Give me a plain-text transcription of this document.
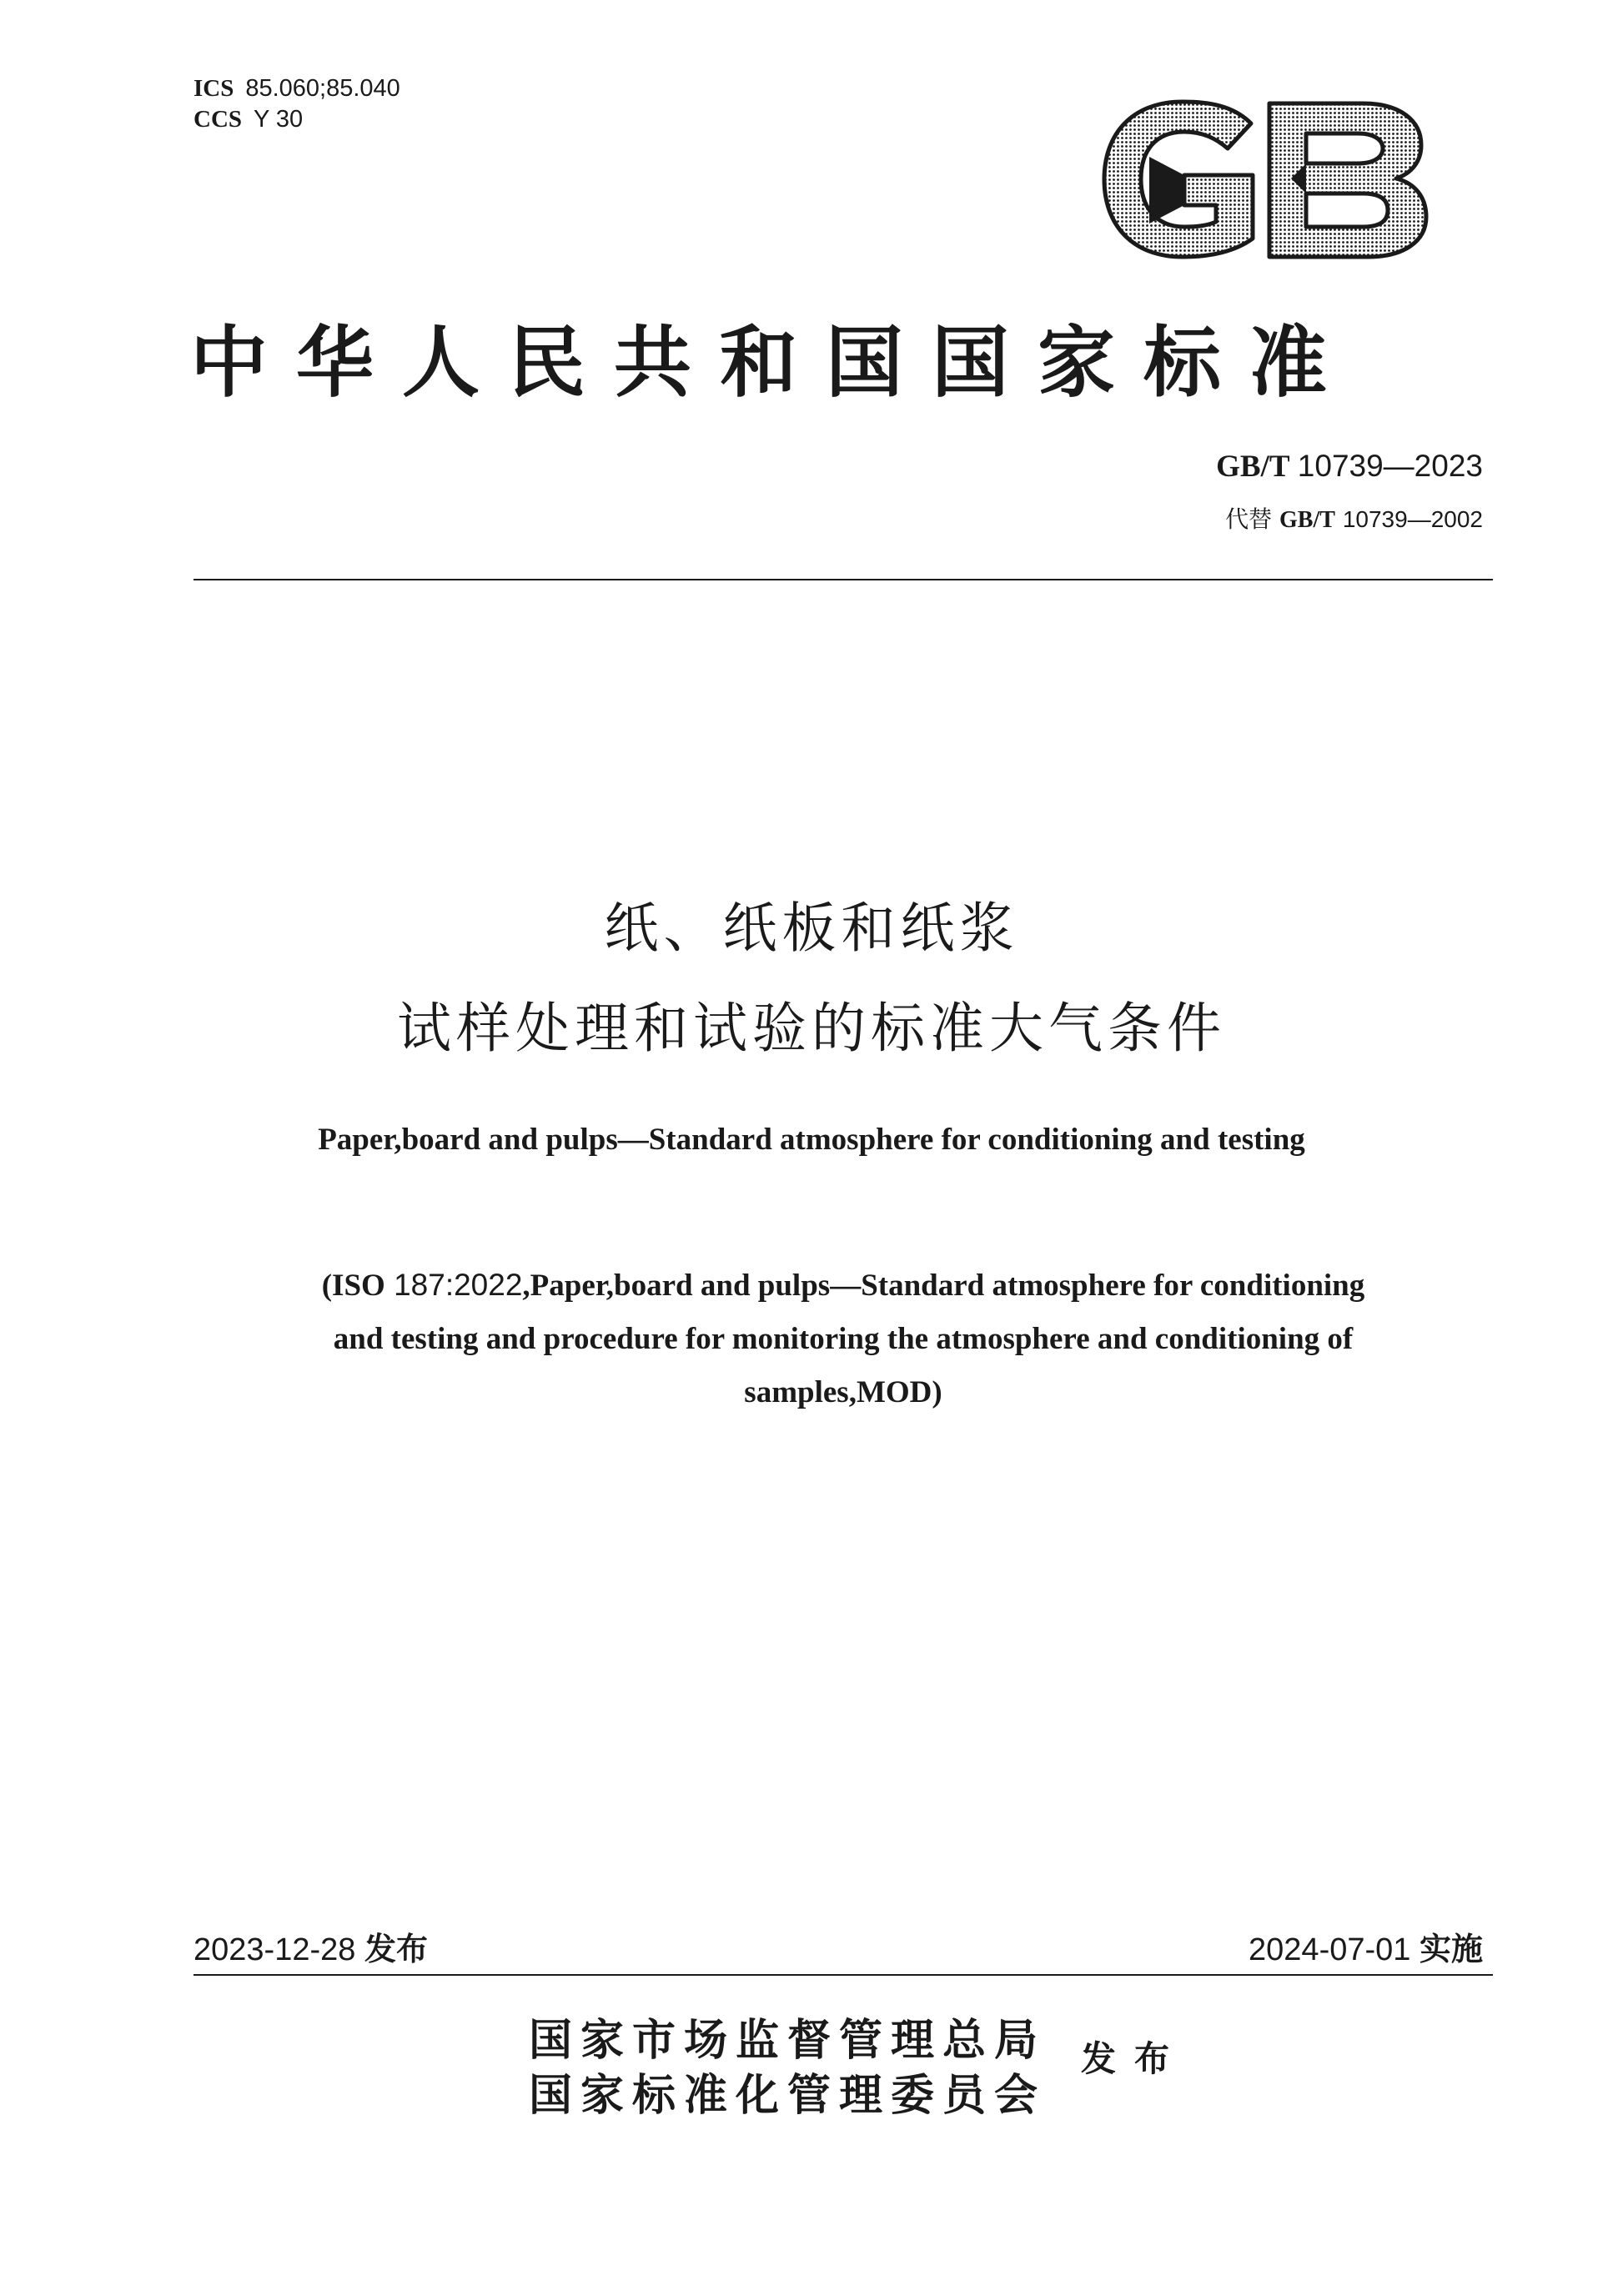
ICS 85.060;85.040
CCS Y 30
中华人民共和国国家标准
GB/T 10739—2023
代替 GB/T 10739—2002
纸、纸板和纸浆
试样处理和试验的标准大气条件
Paper,board and pulps—Standard atmosphere for conditioning and testing
(ISO 187:2022,Paper,board and pulps—Standard atmosphere for conditioning
and testing and procedure for monitoring the atmosphere and conditioning of
samples,MOD)
2023-12-28 发布	2024-07-01 实施
国家市场监督管理总局
国家标准化管理委员会
发布
